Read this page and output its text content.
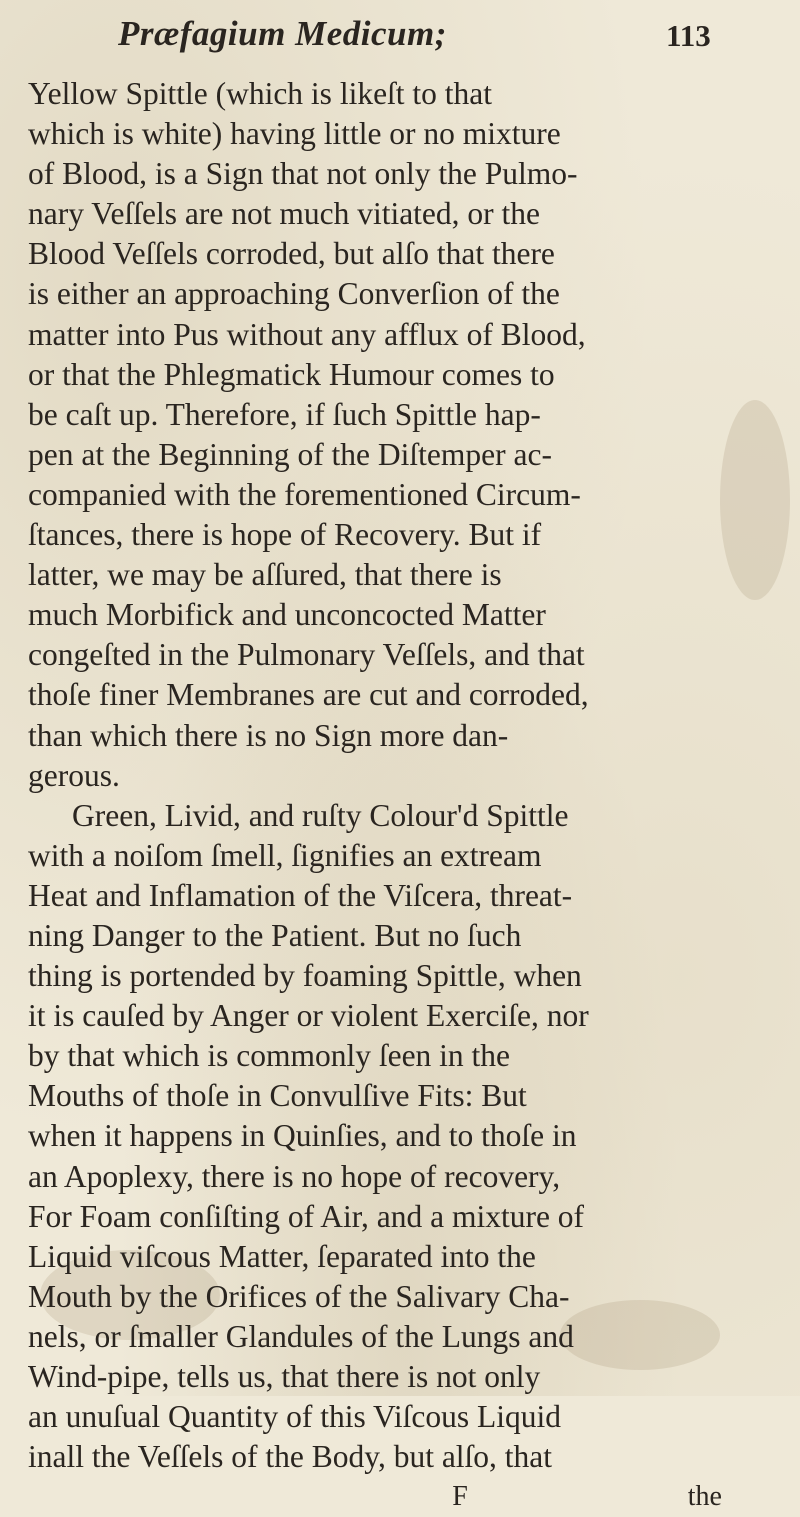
Præfagium Medicum;	113
Yellow Spittle (which is likeſt to that
which is white) having little or no mixture
of Blood, is a Sign that not only the Pulmo-
nary Veſſels are not much vitiated, or the
Blood Veſſels corroded, but alſo that there
is either an approaching Converſion of the
matter into Pus without any afflux of Blood,
or that the Phlegmatick Humour comes to
be caſt up. Therefore, if ſuch Spittle hap-
pen at the Beginning of the Diſtemper ac-
companied with the forementioned Circum-
ſtances, there is hope of Recovery. But if
latter, we may be aſſured, that there is
much Morbifick and unconcocted Matter
congeſted in the Pulmonary Veſſels, and that
thoſe finer Membranes are cut and corroded,
than which there is no Sign more dan-
gerous.
Green, Livid, and ruſty Colour'd Spittle
with a noiſom ſmell, ſignifies an extream
Heat and Inflamation of the Viſcera, threat-
ning Danger to the Patient. But no ſuch
thing is portended by foaming Spittle, when
it is cauſed by Anger or violent Exerciſe, nor
by that which is commonly ſeen in the
Mouths of thoſe in Convulſive Fits: But
when it happens in Quinſies, and to thoſe in
an Apoplexy, there is no hope of recovery,
For Foam conſiſting of Air, and a mixture of
Liquid viſcous Matter, ſeparated into the
Mouth by the Orifices of the Salivary Cha-
nels, or ſmaller Glandules of the Lungs and
Wind-pipe, tells us, that there is not only
an unuſual Quantity of this Viſcous Liquid
inall the Veſſels of the Body, but alſo, that
F	the
